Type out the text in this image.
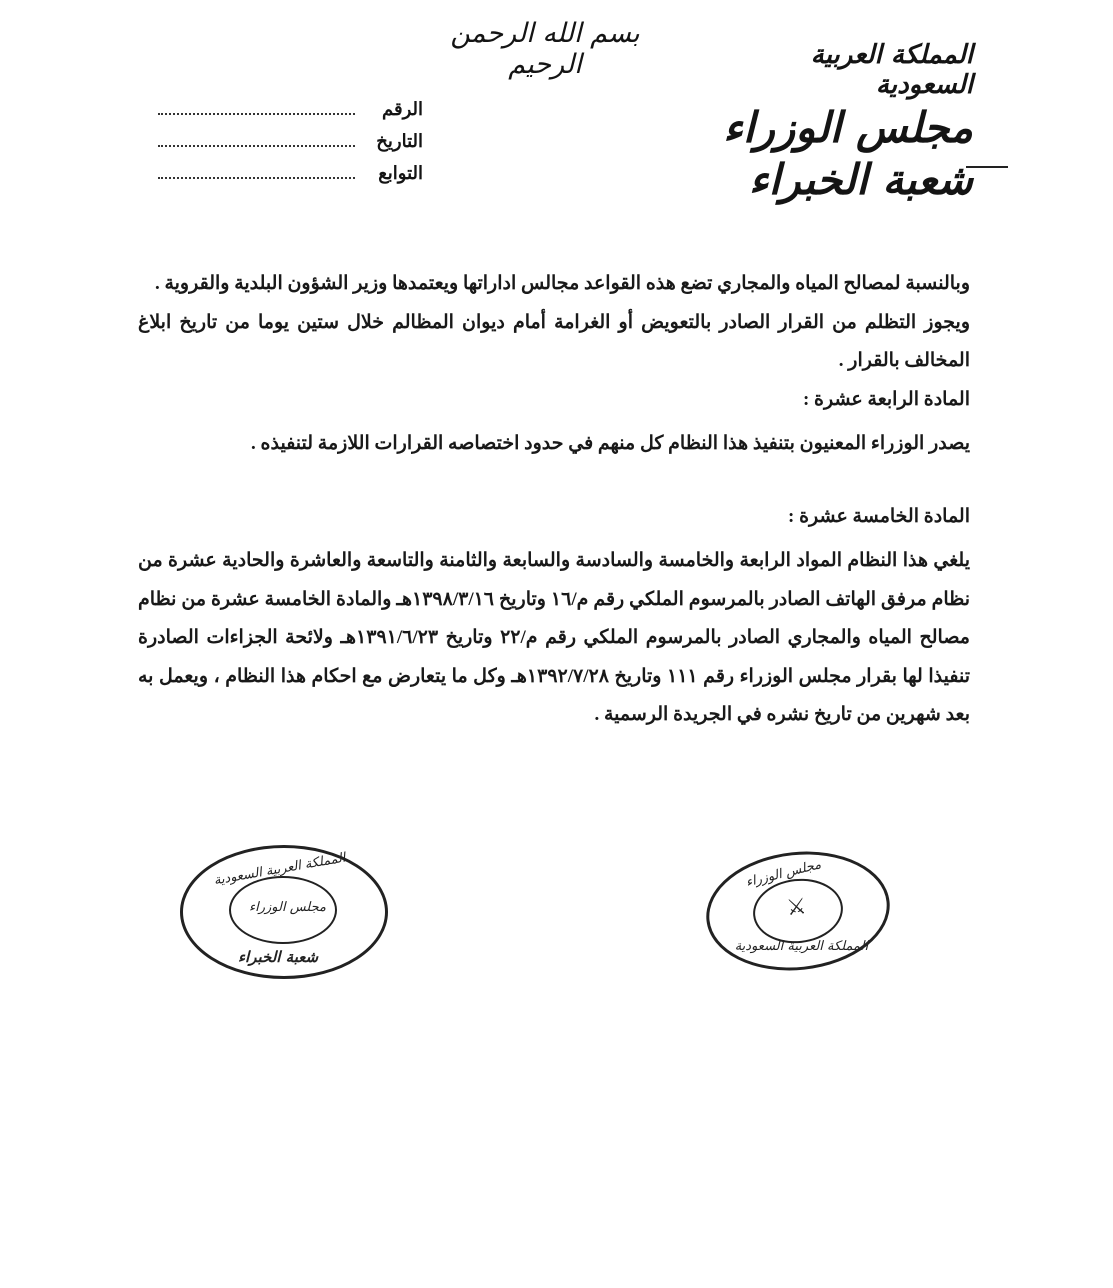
بسم الله الرحمن الرحيم	المملكة العربية السعودية
مجلس الوزراء
شعبة الخبراء
الرقم
التاريخ
التوابع

وبالنسبة لمصالح المياه والمجاري تضع هذه القواعد مجالس اداراتها ويعتمدها وزير الشؤون البلدية والقروية .

ويجوز التظلم من القرار الصادر بالتعويض أو الغرامة أمام ديوان المظالم خلال ستين يوما من تاريخ ابلاغ المخالف بالقرار .

المادة الرابعة عشرة :

يصدر الوزراء المعنيون بتنفيذ هذا النظام كل منهم في حدود اختصاصه القرارات اللازمة لتنفيذه .

المادة الخامسة عشرة :

يلغي هذا النظام المواد الرابعة والخامسة والسادسة والسابعة والثامنة والتاسعة والعاشرة والحادية عشرة من نظام مرفق الهاتف الصادر بالمرسوم الملكي رقم م/١٦ وتاريخ ١٣٩٨/٣/١٦هـ والمادة الخامسة عشرة من نظام مصالح المياه والمجاري الصادر بالمرسوم الملكي رقم م/٢٢ وتاريخ ١٣٩١/٦/٢٣هـ ولائحة الجزاءات الصادرة تنفيذا لها بقرار مجلس الوزراء رقم ١١١ وتاريخ ١٣٩٢/٧/٢٨هـ وكل ما يتعارض مع احكام هذا النظام ، ويعمل به بعد شهرين من تاريخ نشره في الجريدة الرسمية .

المملكة العربية السعودية
مجلس الوزراء
شعبة الخبراء
مجلس الوزراء
⚔
المملكة العربية السعودية
